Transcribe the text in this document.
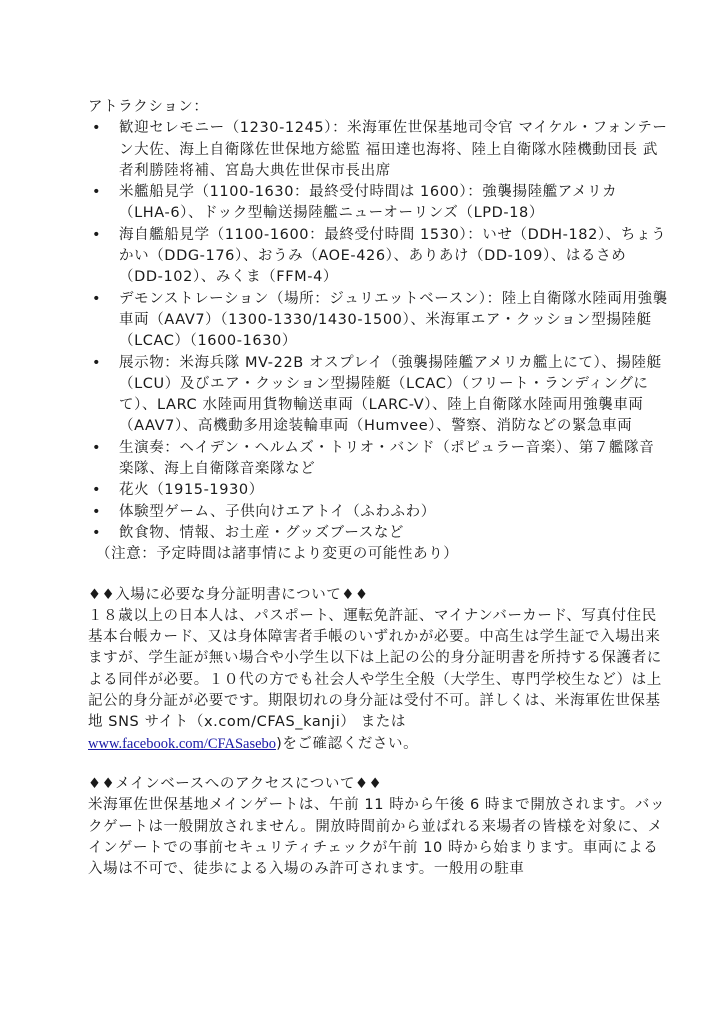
アトラクション：
• 歓迎セレモニー（1230-1245）：米海軍佐世保基地司令官 マイケル・フォンテーン大佐、海上自衛隊佐世保地方総監 福田達也海将、陸上自衛隊水陸機動団長 武者利勝陸将補、宮島大典佐世保市長出席
• 米艦船見学（1100-1630：最終受付時間は 1600）：強襲揚陸艦アメリカ（LHA-6）、ドック型輸送揚陸艦ニューオーリンズ（LPD-18）
• 海自艦船見学（1100-1600：最終受付時間 1530）：いせ（DDH-182）、ちょうかい（DDG-176）、おうみ（AOE-426）、ありあけ（DD-109）、はるさめ（DD-102）、みくま（FFM-4）
• デモンストレーション（場所：ジュリエットベースン）：陸上自衛隊水陸両用強襲車両（AAV7）（1300-1330/1430-1500）、米海軍エア・クッション型揚陸艇（LCAC）（1600-1630）
• 展示物：米海兵隊 MV-22B オスプレイ（強襲揚陸艦アメリカ艦上にて）、揚陸艇（LCU）及びエア・クッション型揚陸艇（LCAC）（フリート・ランディングにて）、LARC 水陸両用貨物輸送車両（LARC-V）、陸上自衛隊水陸両用強襲車両（AAV7）、高機動多用途装輪車両（Humvee）、警察、消防などの緊急車両
• 生演奏：ヘイデン・ヘルムズ・トリオ・バンド（ポピュラー音楽）、第７艦隊音楽隊、海上自衛隊音楽隊など
• 花火（1915-1930）
• 体験型ゲーム、子供向けエアトイ（ふわふわ）
• 飲食物、情報、お土産・グッズブースなど
（注意：予定時間は諸事情により変更の可能性あり）
♦♦入場に必要な身分証明書について♦♦

１８歳以上の日本人は、パスポート、運転免許証、マイナンバーカード、写真付住民基本台帳カード、又は身体障害者手帳のいずれかが必要。中高生は学生証で入場出来ますが、学生証が無い場合や小学生以下は上記の公的身分証明書を所持する保護者による同伴が必要。１０代の方でも社会人や学生全般（大学生、専門学校生など）は上記公的身分証が必要です。期限切れの身分証は受付不可。詳しくは、米海軍佐世保基地 SNS サイト（x.com/CFAS_kanji） または
www.facebook.com/CFASasebo)をご確認ください。

♦♦メインベースへのアクセスについて♦♦

米海軍佐世保基地メインゲートは、午前 11 時から午後 6 時まで開放されます。バックゲートは一般開放されません。開放時間前から並ばれる来場者の皆様を対象に、メインゲートでの事前セキュリティチェックが午前 10 時から始まります。車両による入場は不可で、徒歩による入場のみ許可されます。一般用の駐車
